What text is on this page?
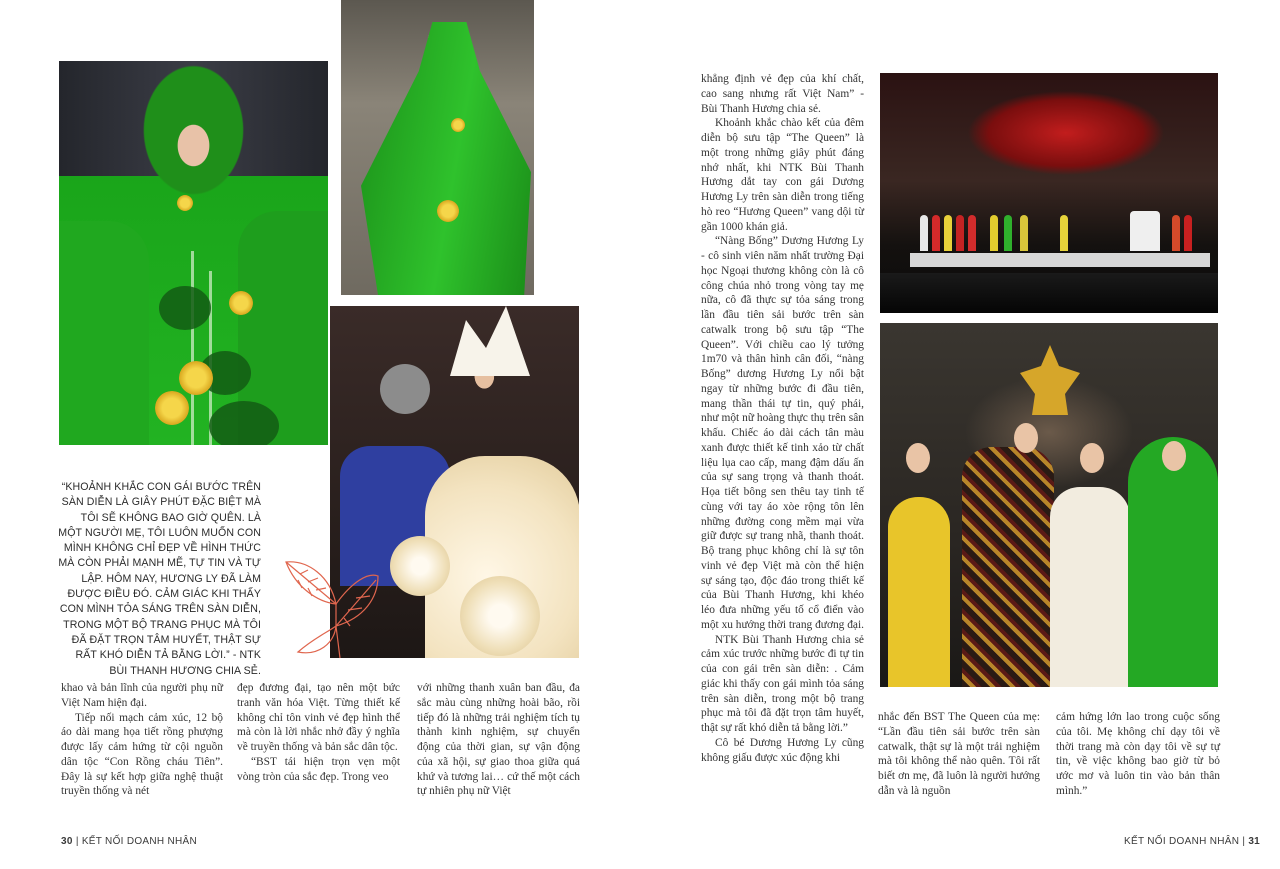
“KHOẢNH KHẮC CON GÁI BƯỚC TRÊN SÀN DIỄN LÀ GIÂY PHÚT ĐẶC BIỆT MÀ TÔI SẼ KHÔNG BAO GIỜ QUÊN. LÀ MỘT NGƯỜI MẸ, TÔI LUÔN MUỐN CON MÌNH KHÔNG CHỈ ĐẸP VỀ HÌNH THỨC MÀ CÒN PHẢI MẠNH MẼ, TỰ TIN VÀ TỰ LẬP. HÔM NAY, HƯƠNG LY ĐÃ LÀM ĐƯỢC ĐIỀU ĐÓ. CẢM GIÁC KHI THẤY CON MÌNH TỎA SÁNG TRÊN SÀN DIỄN, TRONG MỘT BỘ TRANG PHỤC MÀ TÔI ĐÃ ĐẶT TRỌN TÂM HUYẾT, THẬT SỰ RẤT KHÓ DIỄN TẢ BẰNG LỜI.” - NTK BÙI THANH HƯƠNG CHIA SẺ.

khao và bản lĩnh của người phụ nữ Việt Nam hiện đại.

Tiếp nối mạch cảm xúc, 12 bộ áo dài mang họa tiết rồng phượng được lấy cảm hứng từ cội nguồn dân tộc “Con Rồng cháu Tiên”. Đây là sự kết hợp giữa nghệ thuật truyền thống và nét

đẹp đương đại, tạo nên một bức tranh văn hóa Việt. Từng thiết kế không chỉ tôn vinh vẻ đẹp hình thể mà còn là lời nhắc nhở đầy ý nghĩa về truyền thống và bản sắc dân tộc.

“BST tái hiện trọn vẹn một vòng tròn của sắc đẹp. Trong veo

với những thanh xuân ban đầu, đa sắc màu cùng những hoài bão, rồi tiếp đó là những trải nghiệm tích tụ thành kinh nghiệm, sự chuyển động của thời gian, sự vận động của xã hội, sự giao thoa giữa quá khứ và tương lai… cứ thế một cách tự nhiên phụ nữ Việt

30 | KẾT NỐI DOANH NHÂN

khẳng định vẻ đẹp của khí chất, cao sang nhưng rất Việt Nam” - Bùi Thanh Hương chia sẻ.

Khoảnh khắc chào kết của đêm diễn bộ sưu tập “The Queen” là một trong những giây phút đáng nhớ nhất, khi NTK Bùi Thanh Hương dắt tay con gái Dương Hương Ly trên sàn diễn trong tiếng hò reo “Hương Queen” vang dội từ gần 1000 khán giả.

“Nàng Bống” Dương Hương Ly - cô sinh viên năm nhất trường Đại học Ngoại thương không còn là cô công chúa nhỏ trong vòng tay mẹ nữa, cô đã thực sự tỏa sáng trong lần đầu tiên sải bước trên sàn catwalk trong bộ sưu tập “The Queen”. Với chiều cao lý tưởng 1m70 và thân hình cân đối, “nàng Bống” dương Hương Ly nổi bật ngay từ những bước đi đầu tiên, mang thần thái tự tin, quý phái, như một nữ hoàng thực thụ trên sân khấu. Chiếc áo dài cách tân màu xanh được thiết kế tinh xảo từ chất liệu lụa cao cấp, mang đậm dấu ấn của sự sang trọng và thanh thoát. Họa tiết bông sen thêu tay tinh tế cùng với tay áo xòe rộng tôn lên những đường cong mềm mại vừa giữ được sự trang nhã, thanh thoát. Bộ trang phục không chỉ là sự tôn vinh vẻ đẹp Việt mà còn thể hiện sự sáng tạo, độc đáo trong thiết kế của Bùi Thanh Hương, khi khéo léo đưa những yếu tố cổ điển vào một xu hướng thời trang đương đại.

NTK Bùi Thanh Hương chia sẻ cảm xúc trước những bước đi tự tin của con gái trên sàn diễn: . Cảm giác khi thấy con gái mình tỏa sáng trên sàn diễn, trong một bộ trang phục mà tôi đã đặt trọn tâm huyết, thật sự rất khó diễn tả bằng lời.”

Cô bé Dương Hương Ly cũng không giấu được xúc động khi

nhắc đến BST The Queen của mẹ: “Lần đầu tiên sải bước trên sàn catwalk, thật sự là một trải nghiệm mà tôi không thể nào quên. Tôi rất biết ơn mẹ, đã luôn là người hướng dẫn và là nguồn

cảm hứng lớn lao trong cuộc sống của tôi. Mẹ không chỉ dạy tôi về thời trang mà còn dạy tôi về sự tự tin, về việc không bao giờ từ bỏ ước mơ và luôn tin vào bản thân mình.”

KẾT NỐI DOANH NHÂN | 31
